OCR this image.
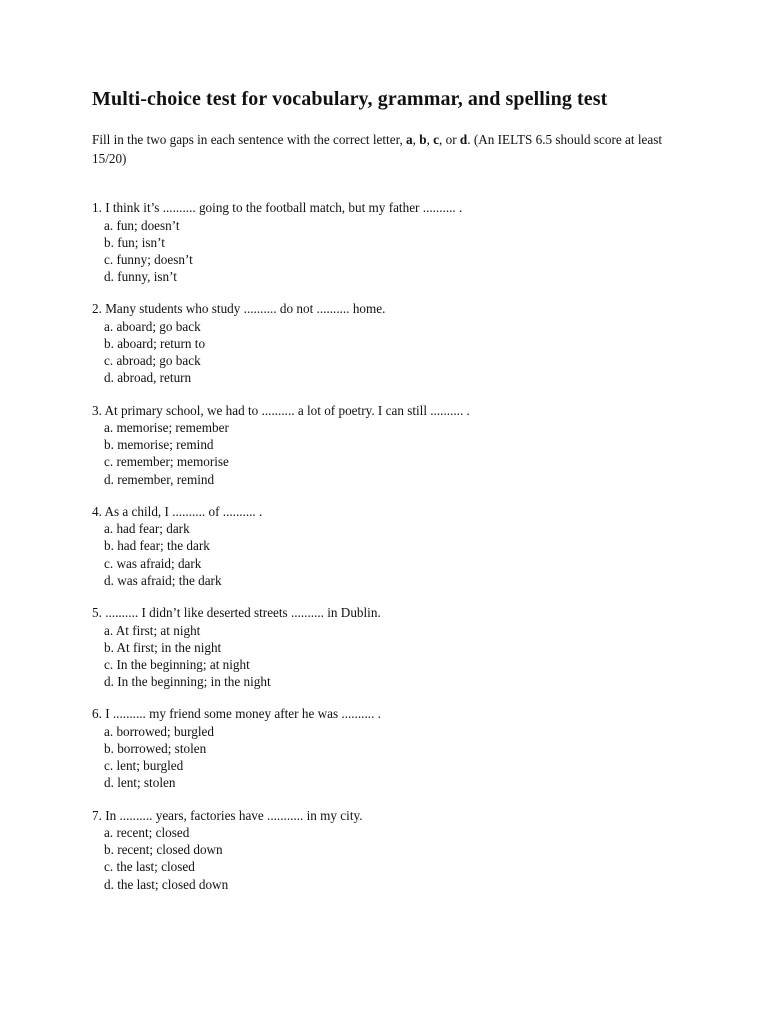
Multi-choice test for vocabulary, grammar, and spelling test
Fill in the two gaps in each sentence with the correct letter, a, b, c, or d. (An IELTS 6.5 should score at least 15/20)
1. I think it’s .......... going to the football match, but my father .......... .
a. fun; doesn’t
b. fun; isn’t
c. funny; doesn’t
d. funny, isn’t
2. Many students who study .......... do not .......... home.
a. aboard; go back
b. aboard; return to
c. abroad; go back
d. abroad, return
3. At primary school, we had to .......... a lot of poetry. I can still .......... .
a. memorise; remember
b. memorise; remind
c. remember; memorise
d. remember, remind
4. As a child, I .......... of .......... .
a. had fear; dark
b. had fear; the dark
c. was afraid; dark
d. was afraid; the dark
5. .......... I didn’t like deserted streets .......... in Dublin.
a. At first; at night
b. At first; in the night
c. In the beginning; at night
d. In the beginning; in the night
6. I .......... my friend some money after he was .......... .
a. borrowed; burgled
b. borrowed; stolen
c. lent; burgled
d. lent; stolen
7. In .......... years, factories have ........... in my city.
a. recent; closed
b. recent; closed down
c. the last; closed
d. the last; closed down
